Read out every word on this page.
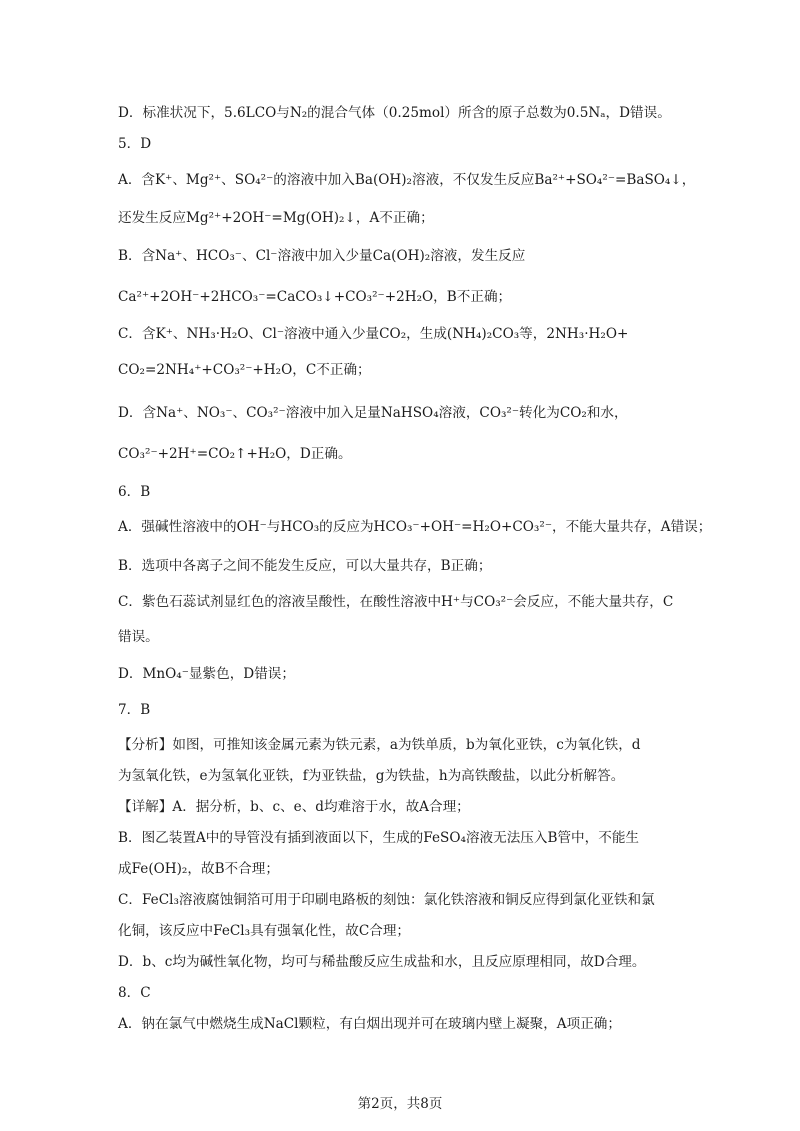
D．标准状况下，5.6LCO与N₂的混合气体（0.25mol）所含的原子总数为0.5Nₐ，D错误。
5．D
A．含K⁺、Mg²⁺、SO₄²⁻的溶液中加入Ba(OH)₂溶液，不仅发生反应Ba²⁺+SO₄²⁻=BaSO₄↓，
还发生反应Mg²⁺+2OH⁻=Mg(OH)₂↓，A不正确；
B．含Na⁺、HCO₃⁻、Cl⁻溶液中加入少量Ca(OH)₂溶液，发生反应
Ca²⁺+2OH⁻+2HCO₃⁻=CaCO₃↓+CO₃²⁻+2H₂O，B不正确；
C．含K⁺、NH₃·H₂O、Cl⁻溶液中通入少量CO₂，生成(NH₄)₂CO₃等，2NH₃·H₂O+
CO₂=2NH₄⁺+CO₃²⁻+H₂O，C不正确；
D．含Na⁺、NO₃⁻、CO₃²⁻溶液中加入足量NaHSO₄溶液，CO₃²⁻转化为CO₂和水，
CO₃²⁻+2H⁺=CO₂↑+H₂O，D正确。
6．B
A．强碱性溶液中的OH⁻与HCO₃的反应为HCO₃⁻+OH⁻=H₂O+CO₃²⁻，不能大量共存，A错误；
B．选项中各离子之间不能发生反应，可以大量共存，B正确；
C．紫色石蕊试剂显红色的溶液呈酸性，在酸性溶液中H⁺与CO₃²⁻会反应，不能大量共存，C
错误。
D．MnO₄⁻显紫色，D错误；
7．B
【分析】如图，可推知该金属元素为铁元素，a为铁单质，b为氧化亚铁，c为氧化铁，d
为氢氧化铁，e为氢氧化亚铁，f为亚铁盐，g为铁盐，h为高铁酸盐，以此分析解答。
【详解】A．据分析，b、c、e、d均难溶于水，故A合理；
B．图乙装置A中的导管没有插到液面以下，生成的FeSO₄溶液无法压入B管中，不能生
成Fe(OH)₂，故B不合理；
C．FeCl₃溶液腐蚀铜箔可用于印刷电路板的刻蚀：氯化铁溶液和铜反应得到氯化亚铁和氯
化铜，该反应中FeCl₃具有强氧化性，故C合理；
D．b、c均为碱性氧化物，均可与稀盐酸反应生成盐和水，且反应原理相同，故D合理。
8．C
A．钠在氯气中燃烧生成NaCl颗粒，有白烟出现并可在玻璃内壁上凝聚，A项正确；
第2页，共8页
